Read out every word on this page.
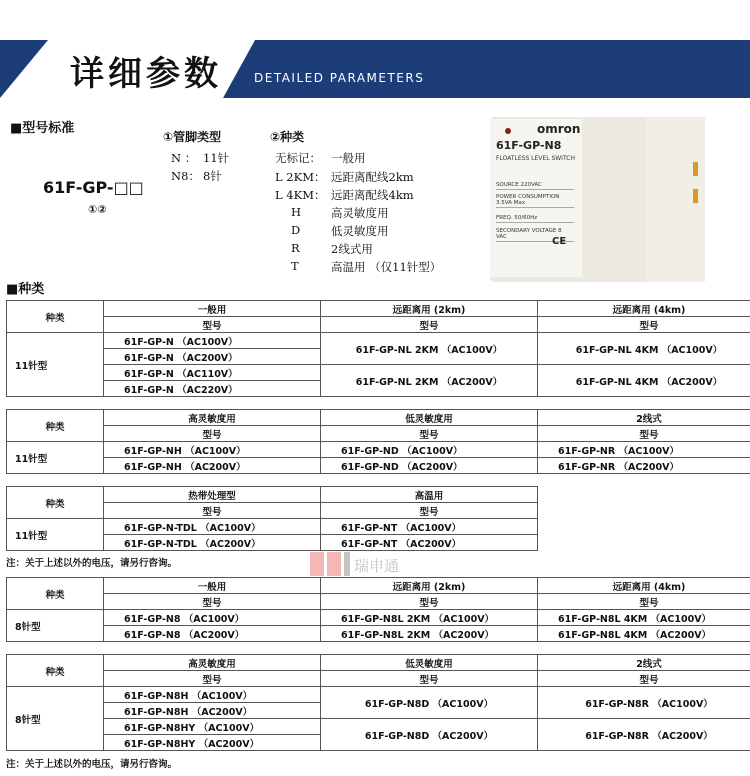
详细参数	DETAILED PARAMETERS
■型号标准
61F-GP-□□
①②
①管脚类型
N ： 11针
N8： 8针
②种类
无标记： 一般用
L 2KM： 远距离配线2km
L 4KM： 远距离配线4km
H	高灵敏度用
D	低灵敏度用
R	2线式用
T	高温用 （仅11针型）
omron
61F-GP-N8
FLOATLESS LEVEL SWITCH
SOURCE 220VAC
POWER CONSUMPTION 3.5VA Max
FREQ. 50/60Hz
SECONDARY VOLTAGE 8 VAC	CE
■种类
种类	一般用	远距离用 (2km)	远距离用 (4km)
	型号	型号	型号
11针型	61F-GP-N （AC100V）	61F-GP-NL 2KM （AC100V）	61F-GP-NL 4KM （AC100V）
	61F-GP-N （AC200V）		
	61F-GP-N （AC110V）	61F-GP-NL 2KM （AC200V）	61F-GP-NL 4KM （AC200V）
	61F-GP-N （AC220V）		
种类	高灵敏度用	低灵敏度用	2线式
	型号	型号	型号
11针型	61F-GP-NH （AC100V）	61F-GP-ND （AC100V）	61F-GP-NR （AC100V）
	61F-GP-NH （AC200V）	61F-GP-ND （AC200V）	61F-GP-NR （AC200V）
种类	热带处理型	高温用
	型号	型号
11针型	61F-GP-N-TDL （AC100V）	61F-GP-NT （AC100V）
	61F-GP-N-TDL （AC200V）	61F-GP-NT （AC200V）
注：关于上述以外的电压，请另行咨询。	瑞申通
种类	一般用	远距离用 (2km)	远距离用 (4km)
	型号	型号	型号
8针型	61F-GP-N8 （AC100V）	61F-GP-N8L 2KM （AC100V）	61F-GP-N8L 4KM （AC100V）
	61F-GP-N8 （AC200V）	61F-GP-N8L 2KM （AC200V）	61F-GP-N8L 4KM （AC200V）
种类	高灵敏度用	低灵敏度用	2线式
	型号	型号	型号
8针型	61F-GP-N8H （AC100V）	61F-GP-N8D （AC100V）	61F-GP-N8R （AC100V）
	61F-GP-N8H （AC200V）		
	61F-GP-N8HY （AC100V）	61F-GP-N8D （AC200V）	61F-GP-N8R （AC200V）
	61F-GP-N8HY （AC200V）		
注：关于上述以外的电压，请另行咨询。
